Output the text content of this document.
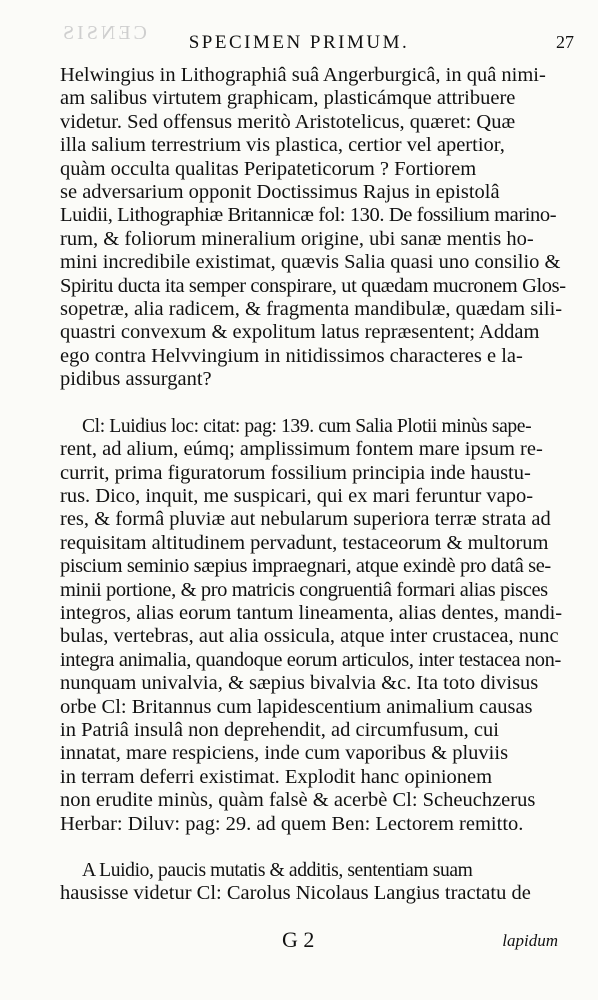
CENSIS	SPECIMEN PRIMUM.	27

Helwingius in Lithographiâ suâ Angerburgicâ, in quâ nimi-
am salibus virtutem graphicam, plasticámque attribuere
videtur. Sed offensus meritò Aristotelicus, quæret: Quæ
illa salium terrestrium vis plastica, certior vel apertior,
quàm occulta qualitas Peripateticorum ? Fortiorem
se adversarium opponit Doctissimus Rajus in epistolâ
Luidii, Lithographiæ Britannicæ fol: 130. De fossilium marino-
rum, & foliorum mineralium origine, ubi sanæ mentis ho-
mini incredibile existimat, quævis Salia quasi uno consilio &
Spiritu ducta ita semper conspirare, ut quædam mucronem Glos-
sopetræ, alia radicem, & fragmenta mandibulæ, quædam sili-
quastri convexum & expolitum latus repræsentent; Addam
ego contra Helvvingium in nitidissimos characteres e la-
pidibus assurgant?

Cl: Luidius loc: citat: pag: 139. cum Salia Plotii minùs sape-
rent, ad alium, eúmq; amplissimum fontem mare ipsum re-
currit, prima figuratorum fossilium principia inde haustu-
rus. Dico, inquit, me suspicari, qui ex mari feruntur vapo-
res, & formâ pluviæ aut nebularum superiora terræ strata ad
requisitam altitudinem pervadunt, testaceorum & multorum
piscium seminio sæpius impraegnari, atque exindè pro datâ se-
minii portione, & pro matricis congruentiâ formari alias pisces
integros, alias eorum tantum lineamenta, alias dentes, mandi-
bulas, vertebras, aut alia ossicula, atque inter crustacea, nunc
integra animalia, quandoque eorum articulos, inter testacea non-
nunquam univalvia, & sæpius bivalvia &c. Ita toto divisus
orbe Cl: Britannus cum lapidescentium animalium causas
in Patriâ insulâ non deprehendit, ad circumfusum, cui
innatat, mare respiciens, inde cum vaporibus & pluviis
in terram deferri existimat. Explodit hanc opinionem
non erudite minùs, quàm falsè & acerbè Cl: Scheuchzerus
Herbar: Diluv: pag: 29. ad quem Ben: Lectorem remitto.

A Luidio, paucis mutatis & additis, sententiam suam
hausisse videtur Cl: Carolus Nicolaus Langius tractatu de

G 2	lapidum
